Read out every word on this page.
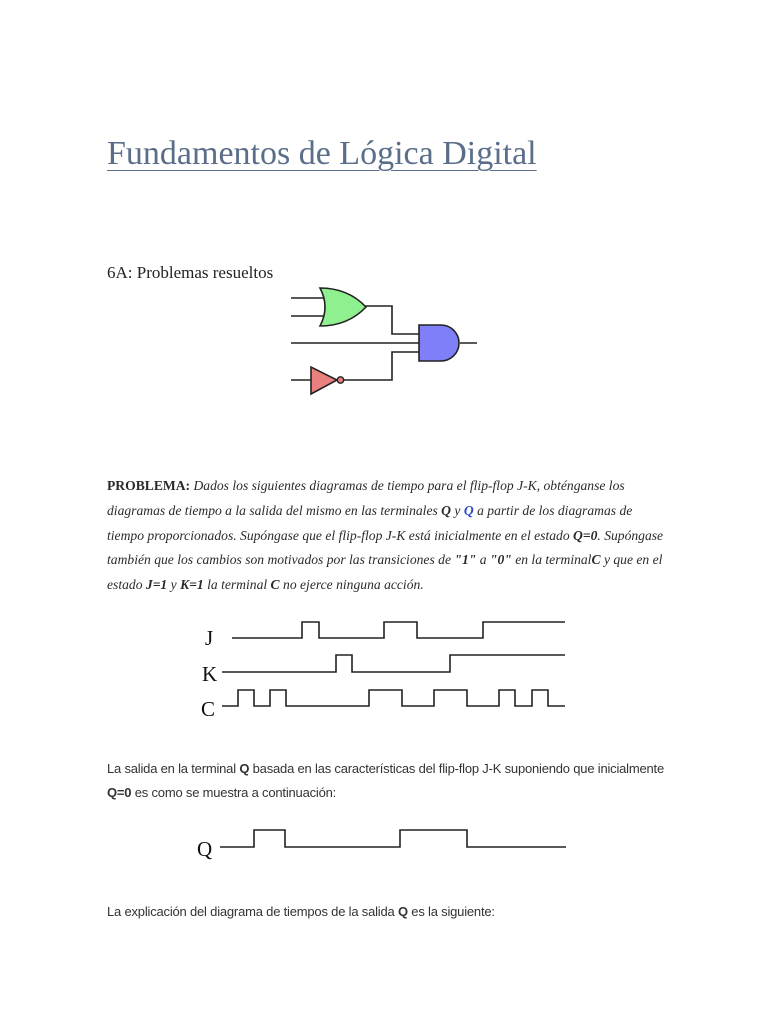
Fundamentos de Lógica Digital
6A: Problemas resueltos

PROBLEMA: Dados los siguientes diagramas de tiempo para el flip-flop J-K, obténganse los diagramas de tiempo a la salida del mismo en las terminales Q y Q a partir de los diagramas de tiempo proporcionados. Supóngase que el flip-flop J-K está inicialmente en el estado Q=0. Supóngase también que los cambios son motivados por las transiciones de "1" a "0" en la terminalC y que en el estado J=1 y K=1 la terminal C no ejerce ninguna acción.

J
K
C

La salida en la terminal Q basada en las características del flip-flop J-K suponiendo que inicialmente Q=0 es como se muestra a continuación:

Q

La explicación del diagrama de tiempos de la salida Q es la siguiente:
